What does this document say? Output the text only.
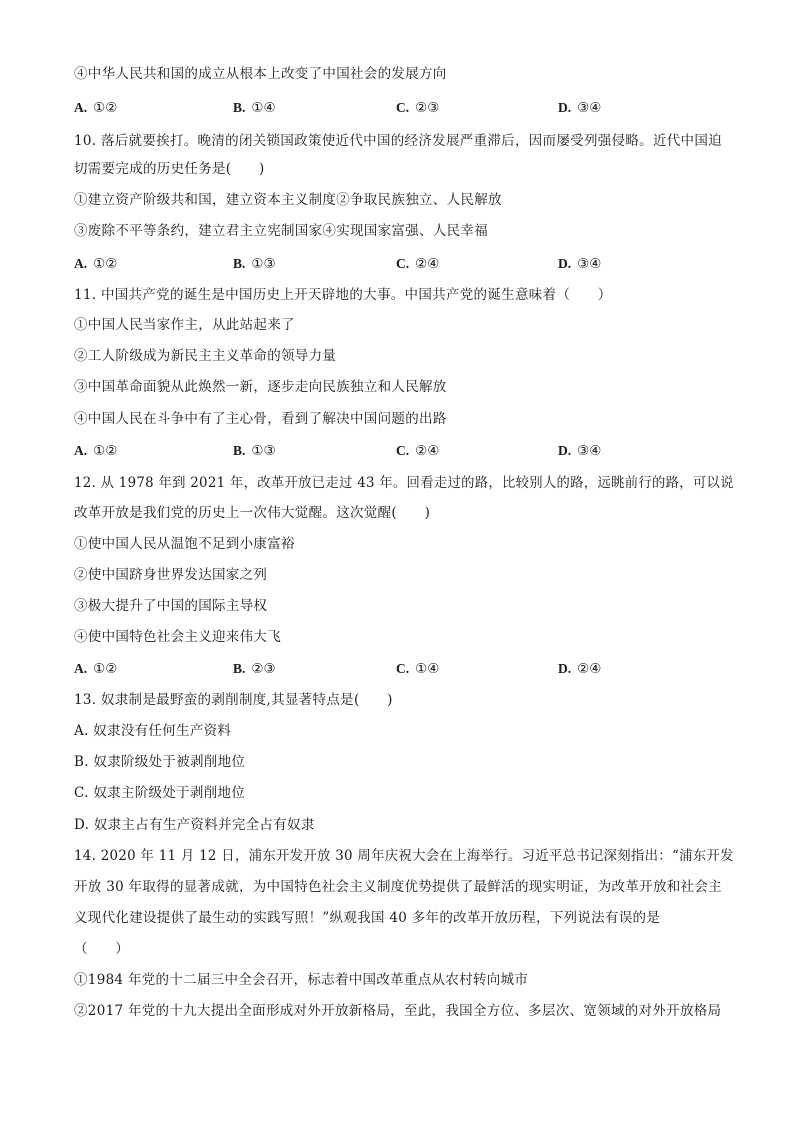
④中华人民共和国的成立从根本上改变了中国社会的发展方向
A. ①②	B. ①④	C. ②③	D. ③④
10. 落后就要挨打。晚清的闭关锁国政策使近代中国的经济发展严重滞后，因而屡受列强侵略。近代中国迫
切需要完成的历史任务是(　　)
①建立资产阶级共和国，建立资本主义制度②争取民族独立、人民解放
③废除不平等条约，建立君主立宪制国家④实现国家富强、人民幸福
A. ①②	B. ①③	C. ②④	D. ③④
11. 中国共产党的诞生是中国历史上开天辟地的大事。中国共产党的诞生意味着（　　）
①中国人民当家作主，从此站起来了
②工人阶级成为新民主主义革命的领导力量
③中国革命面貌从此焕然一新，逐步走向民族独立和人民解放
④中国人民在斗争中有了主心骨，看到了解决中国问题的出路
A. ①②	B. ①③	C. ②④	D. ③④
12. 从 1978 年到 2021 年，改革开放已走过 43 年。回看走过的路，比较别人的路，远眺前行的路，可以说
改革开放是我们党的历史上一次伟大觉醒。这次觉醒(　　)
①使中国人民从温饱不足到小康富裕
②使中国跻身世界发达国家之列
③极大提升了中国的国际主导权
④使中国特色社会主义迎来伟大飞
A. ①②	B. ②③	C. ①④	D. ②④
13. 奴隶制是最野蛮的剥削制度,其显著特点是(　　)
A. 奴隶没有任何生产资料
B. 奴隶阶级处于被剥削地位
C. 奴隶主阶级处于剥削地位
D. 奴隶主占有生产资料并完全占有奴隶
14. 2020 年 11 月 12 日，浦东开发开放 30 周年庆祝大会在上海举行。习近平总书记深刻指出：“浦东开发
开放 30 年取得的显著成就，为中国特色社会主义制度优势提供了最鲜活的现实明证，为改革开放和社会主
义现代化建设提供了最生动的实践写照！”纵观我国 40 多年的改革开放历程，下列说法有误的是
（　　）
①1984 年党的十二届三中全会召开，标志着中国改革重点从农村转向城市
②2017 年党的十九大提出全面形成对外开放新格局，至此，我国全方位、多层次、宽领域的对外开放格局
